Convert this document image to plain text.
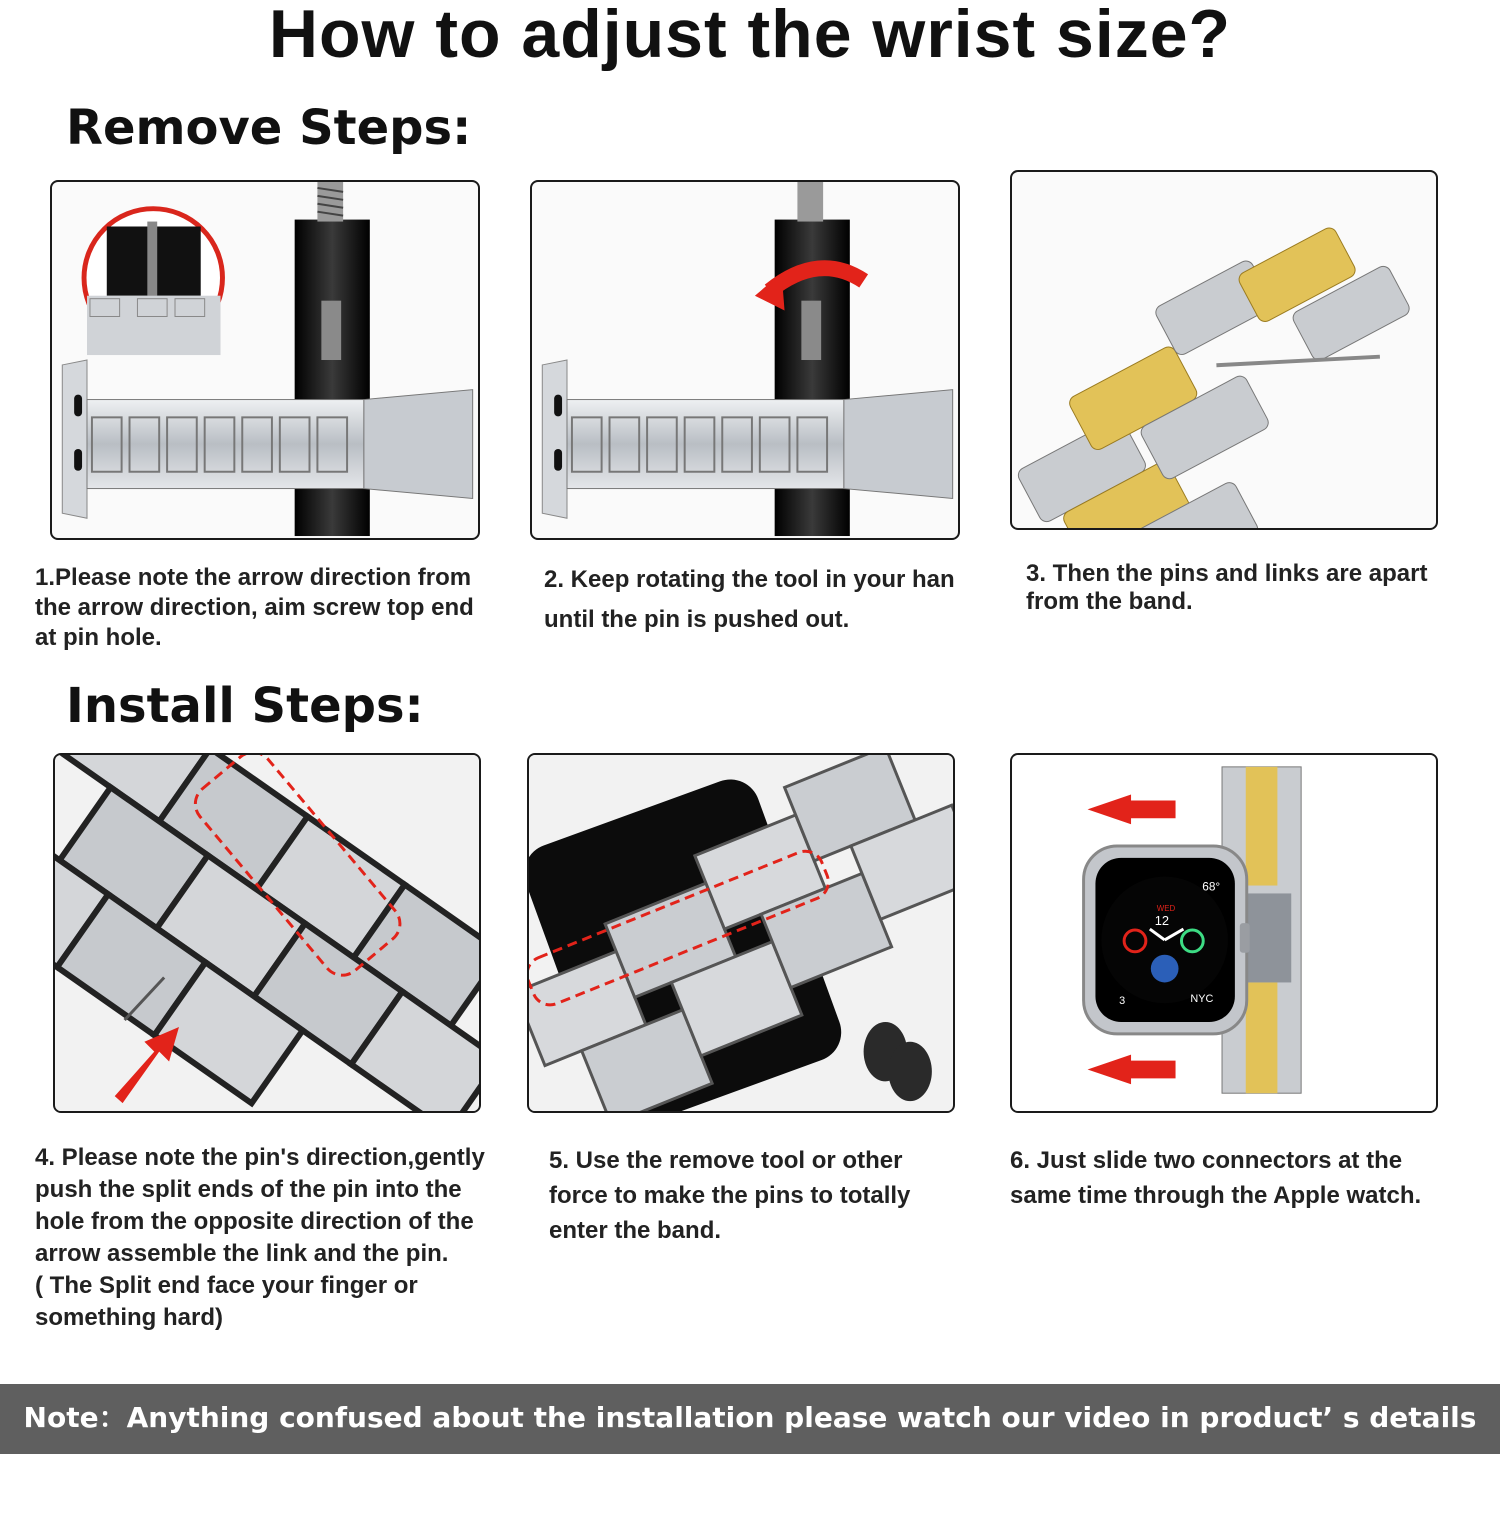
How to adjust the wrist size?
Remove Steps:
Install Steps:
1.Please note the arrow direction from
the arrow direction, aim screw top end
at pin hole.
2. Keep rotating the tool in your han
until the pin is pushed out.
3. Then the pins and links are apart
from the band.
68°
WED
12
NYC
3
4. Please note the pin's direction,gently
push the split ends of the pin into the
hole from the opposite direction of the
arrow assemble the link and the pin.
( The Split end face your finger or
something hard)
5. Use the remove tool or other
force to make the pins to totally
enter the band.
6. Just slide two connectors at the
same time through the Apple watch.
Note：Anything confused about the installation please watch our video in product’ s details page.
